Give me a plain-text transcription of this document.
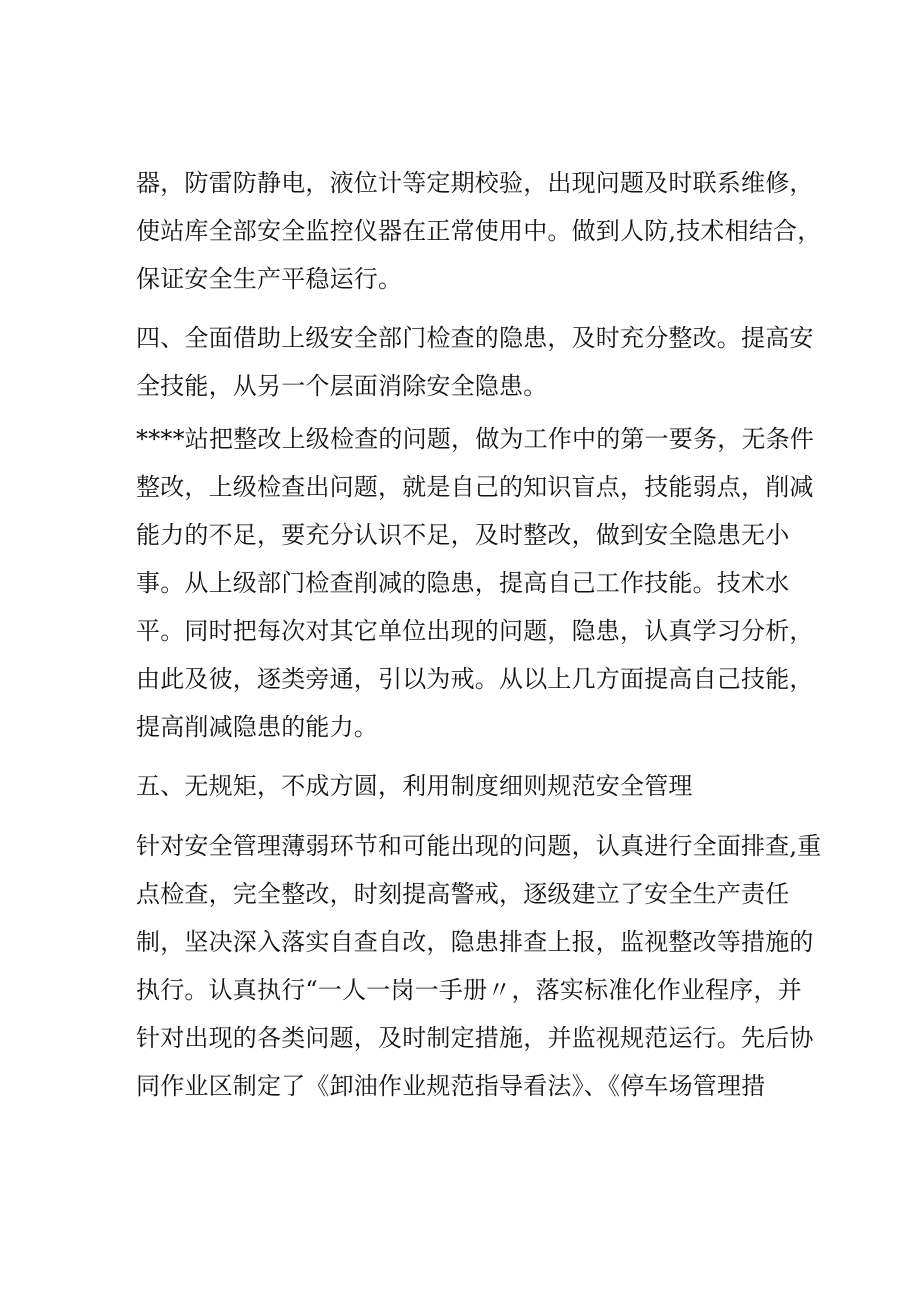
器，防雷防静电，液位计等定期校验，出现问题及时联系维修，
使站库全部安全监控仪器在正常使用中。做到人防,技术相结合，
保证安全生产平稳运行。
四、全面借助上级安全部门检查的隐患，及时充分整改。提高安
全技能，从另一个层面消除安全隐患。
****站把整改上级检查的问题，做为工作中的第一要务，无条件
整改，上级检查出问题，就是自己的知识盲点，技能弱点，削减
能力的不足，要充分认识不足，及时整改，做到安全隐患无小
事。从上级部门检查削减的隐患，提高自己工作技能。技术水
平。同时把每次对其它单位出现的问题，隐患，认真学习分析，
由此及彼，逐类旁通，引以为戒。从以上几方面提高自己技能，
提高削减隐患的能力。
五、无规矩，不成方圆，利用制度细则规范安全管理
针对安全管理薄弱环节和可能出现的问题，认真进行全面排查,重
点检查，完全整改，时刻提高警戒，逐级建立了安全生产责任
制，坚决深入落实自查自改，隐患排查上报，监视整改等措施的
执行。认真执行“一人一岗一手册〃，落实标准化作业程序，并
针对出现的各类问题，及时制定措施，并监视规范运行。先后协
同作业区制定了《卸油作业规范指导看法》、《停车场管理措
